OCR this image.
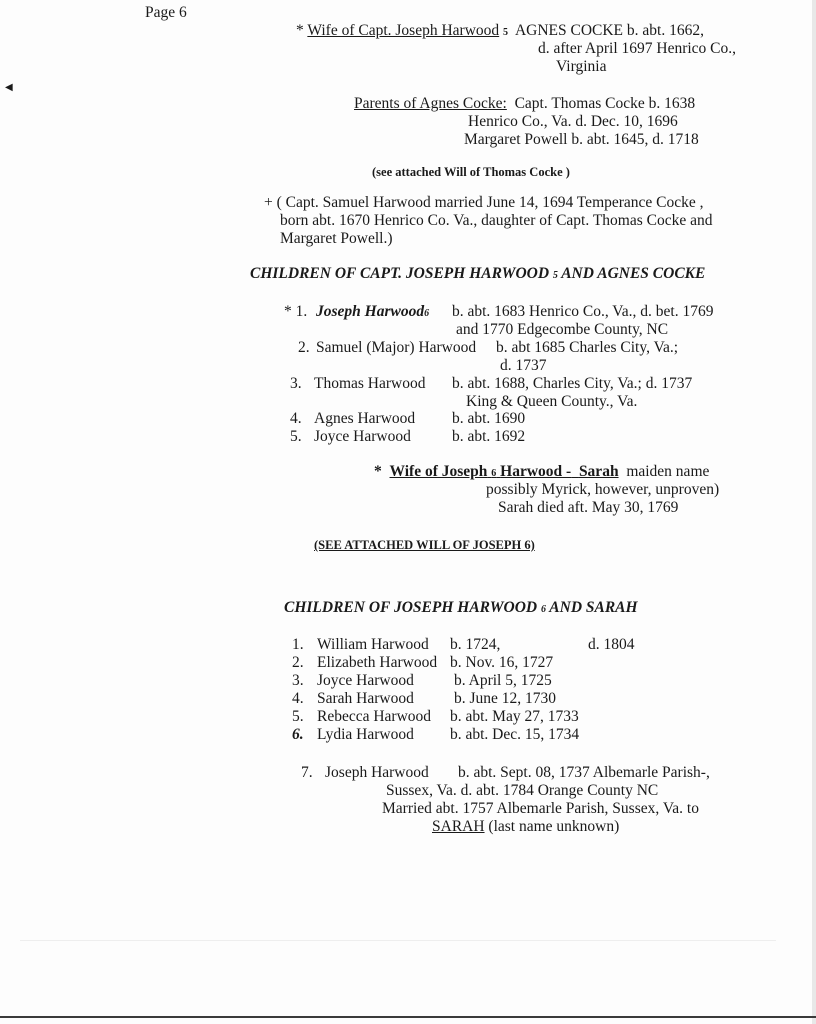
◀
Page 6
* Wife of Capt. Joseph Harwood 5 AGNES COCKE b. abt. 1662,
d. after April 1697 Henrico Co.,
Virginia
Parents of Agnes Cocke: Capt. Thomas Cocke b. 1638
Henrico Co., Va. d. Dec. 10, 1696
Margaret Powell b. abt. 1645, d. 1718
(see attached Will of Thomas Cocke )
+ ( Capt. Samuel Harwood married June 14, 1694 Temperance Cocke ,
born abt. 1670 Henrico Co. Va., daughter of Capt. Thomas Cocke and
Margaret Powell.)
CHILDREN OF CAPT. JOSEPH HARWOOD 5 AND AGNES COCKE
* 1. Joseph Harwood6 b. abt. 1683 Henrico Co., Va., d. bet. 1769
and 1770 Edgecombe County, NC
2. Samuel (Major) Harwood b. abt 1685 Charles City, Va.;
d. 1737
3. Thomas Harwood b. abt. 1688, Charles City, Va.; d. 1737
King & Queen County., Va.
4. Agnes Harwood b. abt. 1690
5. Joyce Harwood	b. abt. 1692
* Wife of Joseph 6 Harwood - Sarah maiden name
possibly Myrick, however, unproven)
Sarah died aft. May 30, 1769
(SEE ATTACHED WILL OF JOSEPH 6)
CHILDREN OF JOSEPH HARWOOD 6 AND SARAH
1. William Harwood b. 1724,	d. 1804
2. Elizabeth Harwood b. Nov. 16, 1727
3. Joyce Harwood	b. April 5, 1725
4. Sarah Harwood	b. June 12, 1730
5. Rebecca Harwood b. abt. May 27, 1733
6. Lydia Harwood b. abt. Dec. 15, 1734
7. Joseph Harwood b. abt. Sept. 08, 1737 Albemarle Parish-,
Sussex, Va. d. abt. 1784 Orange County NC
Married abt. 1757 Albemarle Parish, Sussex, Va. to
SARAH (last name unknown)
